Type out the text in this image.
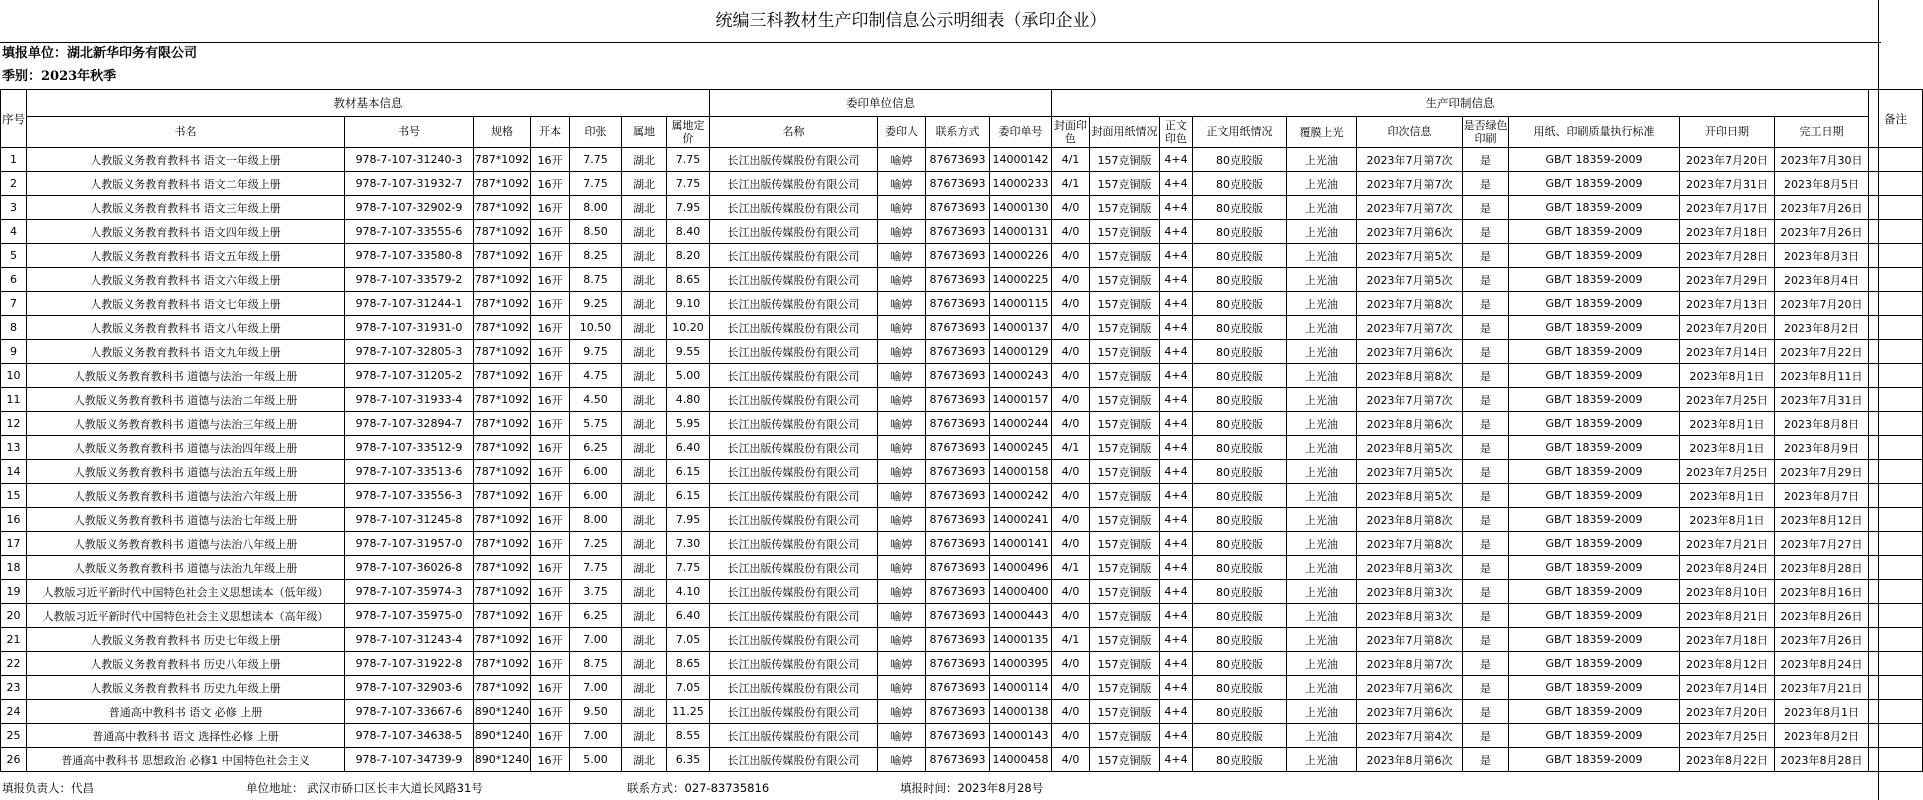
统编三科教材生产印制信息公示明细表（承印企业）
填报单位：湖北新华印务有限公司
季别：2023年秋季
序号	教材基本信息							委印单位信息				生产印制信息										备注
	书名	书号	规格	开本	印张	属地	属地定价	名称	委印人	联系方式	委印单号	封面印色	封面用纸情况	正文印色	正文用纸情况	覆膜上光	印次信息	是否绿色印刷	用纸、印刷质量执行标准	开印日期	完工日期	
1	人教版义务教育教科书 语文一年级上册	978-7-107-31240-3	787*1092	16开	7.75	湖北	7.75	长江出版传媒股份有限公司	喻婷	87673693	14000142	4/1	157克铜版	4+4	80克胶版	上光油	2023年7月第7次	是	GB/T 18359-2009	2023年7月20日	2023年7月30日	
2	人教版义务教育教科书 语文二年级上册	978-7-107-31932-7	787*1092	16开	7.75	湖北	7.75	长江出版传媒股份有限公司	喻婷	87673693	14000233	4/1	157克铜版	4+4	80克胶版	上光油	2023年7月第7次	是	GB/T 18359-2009	2023年7月31日	2023年8月5日	
3	人教版义务教育教科书 语文三年级上册	978-7-107-32902-9	787*1092	16开	8.00	湖北	7.95	长江出版传媒股份有限公司	喻婷	87673693	14000130	4/0	157克铜版	4+4	80克胶版	上光油	2023年7月第7次	是	GB/T 18359-2009	2023年7月17日	2023年7月26日	
4	人教版义务教育教科书 语文四年级上册	978-7-107-33555-6	787*1092	16开	8.50	湖北	8.40	长江出版传媒股份有限公司	喻婷	87673693	14000131	4/0	157克铜版	4+4	80克胶版	上光油	2023年7月第6次	是	GB/T 18359-2009	2023年7月18日	2023年7月26日	
5	人教版义务教育教科书 语文五年级上册	978-7-107-33580-8	787*1092	16开	8.25	湖北	8.20	长江出版传媒股份有限公司	喻婷	87673693	14000226	4/0	157克铜版	4+4	80克胶版	上光油	2023年7月第5次	是	GB/T 18359-2009	2023年7月28日	2023年8月3日	
6	人教版义务教育教科书 语文六年级上册	978-7-107-33579-2	787*1092	16开	8.75	湖北	8.65	长江出版传媒股份有限公司	喻婷	87673693	14000225	4/0	157克铜版	4+4	80克胶版	上光油	2023年7月第5次	是	GB/T 18359-2009	2023年7月29日	2023年8月4日	
7	人教版义务教育教科书 语文七年级上册	978-7-107-31244-1	787*1092	16开	9.25	湖北	9.10	长江出版传媒股份有限公司	喻婷	87673693	14000115	4/0	157克铜版	4+4	80克胶版	上光油	2023年7月第8次	是	GB/T 18359-2009	2023年7月13日	2023年7月20日	
8	人教版义务教育教科书 语文八年级上册	978-7-107-31931-0	787*1092	16开	10.50	湖北	10.20	长江出版传媒股份有限公司	喻婷	87673693	14000137	4/0	157克铜版	4+4	80克胶版	上光油	2023年7月第7次	是	GB/T 18359-2009	2023年7月20日	2023年8月2日	
9	人教版义务教育教科书 语文九年级上册	978-7-107-32805-3	787*1092	16开	9.75	湖北	9.55	长江出版传媒股份有限公司	喻婷	87673693	14000129	4/0	157克铜版	4+4	80克胶版	上光油	2023年7月第6次	是	GB/T 18359-2009	2023年7月14日	2023年7月22日	
10	人教版义务教育教科书 道德与法治一年级上册	978-7-107-31205-2	787*1092	16开	4.75	湖北	5.00	长江出版传媒股份有限公司	喻婷	87673693	14000243	4/0	157克铜版	4+4	80克胶版	上光油	2023年8月第8次	是	GB/T 18359-2009	2023年8月1日	2023年8月11日	
11	人教版义务教育教科书 道德与法治二年级上册	978-7-107-31933-4	787*1092	16开	4.50	湖北	4.80	长江出版传媒股份有限公司	喻婷	87673693	14000157	4/0	157克铜版	4+4	80克胶版	上光油	2023年7月第7次	是	GB/T 18359-2009	2023年7月25日	2023年7月31日	
12	人教版义务教育教科书 道德与法治三年级上册	978-7-107-32894-7	787*1092	16开	5.75	湖北	5.95	长江出版传媒股份有限公司	喻婷	87673693	14000244	4/0	157克铜版	4+4	80克胶版	上光油	2023年8月第6次	是	GB/T 18359-2009	2023年8月1日	2023年8月8日	
13	人教版义务教育教科书 道德与法治四年级上册	978-7-107-33512-9	787*1092	16开	6.25	湖北	6.40	长江出版传媒股份有限公司	喻婷	87673693	14000245	4/1	157克铜版	4+4	80克胶版	上光油	2023年8月第5次	是	GB/T 18359-2009	2023年8月1日	2023年8月9日	
14	人教版义务教育教科书 道德与法治五年级上册	978-7-107-33513-6	787*1092	16开	6.00	湖北	6.15	长江出版传媒股份有限公司	喻婷	87673693	14000158	4/0	157克铜版	4+4	80克胶版	上光油	2023年7月第5次	是	GB/T 18359-2009	2023年7月25日	2023年7月29日	
15	人教版义务教育教科书 道德与法治六年级上册	978-7-107-33556-3	787*1092	16开	6.00	湖北	6.15	长江出版传媒股份有限公司	喻婷	87673693	14000242	4/0	157克铜版	4+4	80克胶版	上光油	2023年8月第5次	是	GB/T 18359-2009	2023年8月1日	2023年8月7日	
16	人教版义务教育教科书 道德与法治七年级上册	978-7-107-31245-8	787*1092	16开	8.00	湖北	7.95	长江出版传媒股份有限公司	喻婷	87673693	14000241	4/0	157克铜版	4+4	80克胶版	上光油	2023年8月第8次	是	GB/T 18359-2009	2023年8月1日	2023年8月12日	
17	人教版义务教育教科书 道德与法治八年级上册	978-7-107-31957-0	787*1092	16开	7.25	湖北	7.30	长江出版传媒股份有限公司	喻婷	87673693	14000141	4/0	157克铜版	4+4	80克胶版	上光油	2023年7月第8次	是	GB/T 18359-2009	2023年7月21日	2023年7月27日	
18	人教版义务教育教科书 道德与法治九年级上册	978-7-107-36026-8	787*1092	16开	7.75	湖北	7.75	长江出版传媒股份有限公司	喻婷	87673693	14000496	4/1	157克铜版	4+4	80克胶版	上光油	2023年8月第3次	是	GB/T 18359-2009	2023年8月24日	2023年8月28日	
19	人教版习近平新时代中国特色社会主义思想读本（低年级）	978-7-107-35974-3	787*1092	16开	3.75	湖北	4.10	长江出版传媒股份有限公司	喻婷	87673693	14000400	4/0	157克铜版	4+4	80克胶版	上光油	2023年8月第3次	是	GB/T 18359-2009	2023年8月10日	2023年8月16日	
20	人教版习近平新时代中国特色社会主义思想读本（高年级）	978-7-107-35975-0	787*1092	16开	6.25	湖北	6.40	长江出版传媒股份有限公司	喻婷	87673693	14000443	4/0	157克铜版	4+4	80克胶版	上光油	2023年8月第3次	是	GB/T 18359-2009	2023年8月21日	2023年8月26日	
21	人教版义务教育教科书 历史七年级上册	978-7-107-31243-4	787*1092	16开	7.00	湖北	7.05	长江出版传媒股份有限公司	喻婷	87673693	14000135	4/1	157克铜版	4+4	80克胶版	上光油	2023年7月第8次	是	GB/T 18359-2009	2023年7月18日	2023年7月26日	
22	人教版义务教育教科书 历史八年级上册	978-7-107-31922-8	787*1092	16开	8.75	湖北	8.65	长江出版传媒股份有限公司	喻婷	87673693	14000395	4/0	157克铜版	4+4	80克胶版	上光油	2023年8月第7次	是	GB/T 18359-2009	2023年8月12日	2023年8月24日	
23	人教版义务教育教科书 历史九年级上册	978-7-107-32903-6	787*1092	16开	7.00	湖北	7.05	长江出版传媒股份有限公司	喻婷	87673693	14000114	4/0	157克铜版	4+4	80克胶版	上光油	2023年7月第6次	是	GB/T 18359-2009	2023年7月14日	2023年7月21日	
24	普通高中教科书 语文 必修 上册	978-7-107-33667-6	890*1240	16开	9.50	湖北	11.25	长江出版传媒股份有限公司	喻婷	87673693	14000138	4/0	157克铜版	4+4	80克胶版	上光油	2023年7月第6次	是	GB/T 18359-2009	2023年7月20日	2023年8月1日	
25	普通高中教科书 语文 选择性必修 上册	978-7-107-34638-5	890*1240	16开	7.00	湖北	8.55	长江出版传媒股份有限公司	喻婷	87673693	14000143	4/0	157克铜版	4+4	80克胶版	上光油	2023年7月第4次	是	GB/T 18359-2009	2023年7月25日	2023年8月2日	
26	普通高中教科书 思想政治 必修1 中国特色社会主义	978-7-107-34739-9	890*1240	16开	5.00	湖北	6.35	长江出版传媒股份有限公司	喻婷	87673693	14000458	4/0	157克铜版	4+4	80克胶版	上光油	2023年8月第6次	是	GB/T 18359-2009	2023年8月22日	2023年8月28日	
填报负责人：代昌	单位地址： 武汉市硚口区长丰大道长风路31号	联系方式：027-83735816	填报时间：2023年8月28号
